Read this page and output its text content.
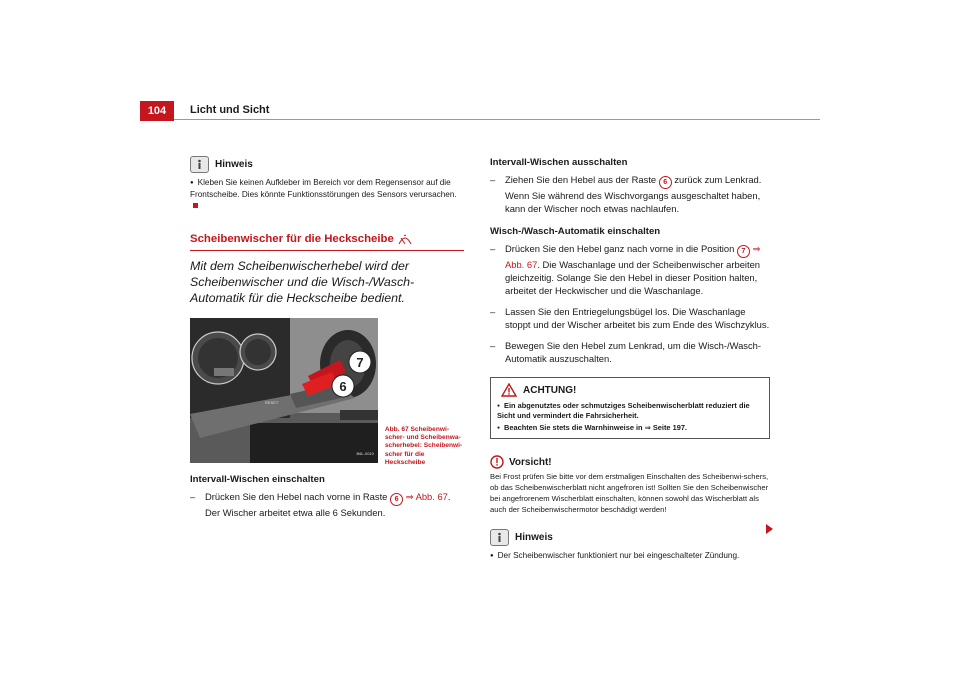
104	Licht und Sicht
Hinweis
● Kleben Sie keinen Aufkleber im Bereich vor dem Regensensor auf die Frontscheibe. Dies könnte Funktionsstörungen des Sensors verursachen.
Scheibenwischer für die Heckscheibe
Mit dem Scheibenwischerhebel wird der Scheibenwischer und die Wisch-/Wasch-Automatik für die Heckscheibe bedient.
7
6
RESET
B6L-0010
Abb. 67 Scheibenwi-scher- und Scheibenwa-scherhebel: Scheibenwi-scher für die Heckscheibe
Intervall-Wischen einschalten
– Drücken Sie den Hebel nach vorne in Raste 6 ⇒ Abb. 67. Der Wischer arbeitet etwa alle 6 Sekunden.
Intervall-Wischen ausschalten
– Ziehen Sie den Hebel aus der Raste 6 zurück zum Lenkrad. Wenn Sie während des Wischvorgangs ausgeschaltet haben, kann der Wischer noch etwas nachlaufen.
Wisch-/Wasch-Automatik einschalten
– Drücken Sie den Hebel ganz nach vorne in die Position 7 ⇒ Abb. 67. Die Waschanlage und der Scheibenwischer arbeiten gleichzeitig. Solange Sie den Hebel in dieser Position halten, arbeitet der Heckwischer und die Waschanlage.
– Lassen Sie den Entriegelungsbügel los. Die Waschanlage stoppt und der Wischer arbeitet bis zum Ende des Wischzyklus.
– Bewegen Sie den Hebel zum Lenkrad, um die Wisch-/Wasch-Automatik auszuschalten.
ACHTUNG!
● Ein abgenutztes oder schmutziges Scheibenwischerblatt reduziert die Sicht und vermindert die Fahrsicherheit.
● Beachten Sie stets die Warnhinweise in ⇒ Seite 197.
Vorsicht!
Bei Frost prüfen Sie bitte vor dem erstmaligen Einschalten des Scheibenwi-schers, ob das Scheibenwischerblatt nicht angefroren ist! Sollten Sie den Scheibenwischer bei angefrorenem Wischerblatt einschalten, können sowohl das Wischerblatt als auch der Scheibenwischermotor beschädigt werden!
Hinweis
● Der Scheibenwischer funktioniert nur bei eingeschalteter Zündung.
